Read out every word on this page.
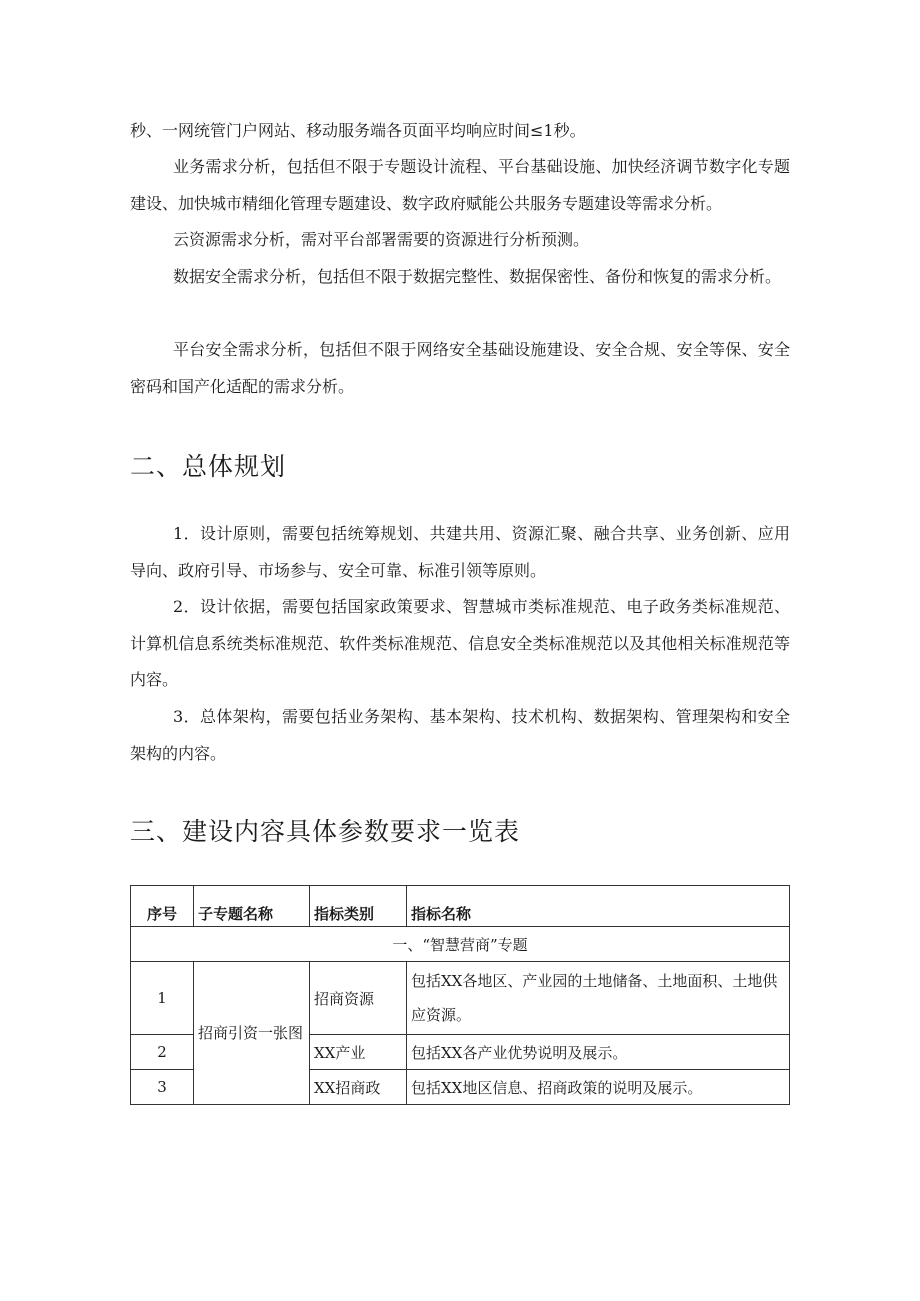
秒、一网统管门户网站、移动服务端各页面平均响应时间≤1秒。

业务需求分析，包括但不限于专题设计流程、平台基础设施、加快经济调节数字化专题建设、加快城市精细化管理专题建设、数字政府赋能公共服务专题建设等需求分析。

云资源需求分析，需对平台部署需要的资源进行分析预测。

数据安全需求分析，包括但不限于数据完整性、数据保密性、备份和恢复的需求分析。

平台安全需求分析，包括但不限于网络安全基础设施建设、安全合规、安全等保、安全密码和国产化适配的需求分析。

二、总体规划

1．设计原则，需要包括统筹规划、共建共用、资源汇聚、融合共享、业务创新、应用导向、政府引导、市场参与、安全可靠、标准引领等原则。

2．设计依据，需要包括国家政策要求、智慧城市类标准规范、电子政务类标准规范、计算机信息系统类标准规范、软件类标准规范、信息安全类标准规范以及其他相关标准规范等内容。

3．总体架构，需要包括业务架构、基本架构、技术机构、数据架构、管理架构和安全架构的内容。

三、建设内容具体参数要求一览表
序号	子专题名称	指标类别	指标名称
一、“智慧营商”专题			
1	招商引资一张图	招商资源	包括XX各地区、产业园的土地储备、土地面积、土地供应资源。
2		XX产业	包括XX各产业优势说明及展示。
3		XX招商政	包括XX地区信息、招商政策的说明及展示。
